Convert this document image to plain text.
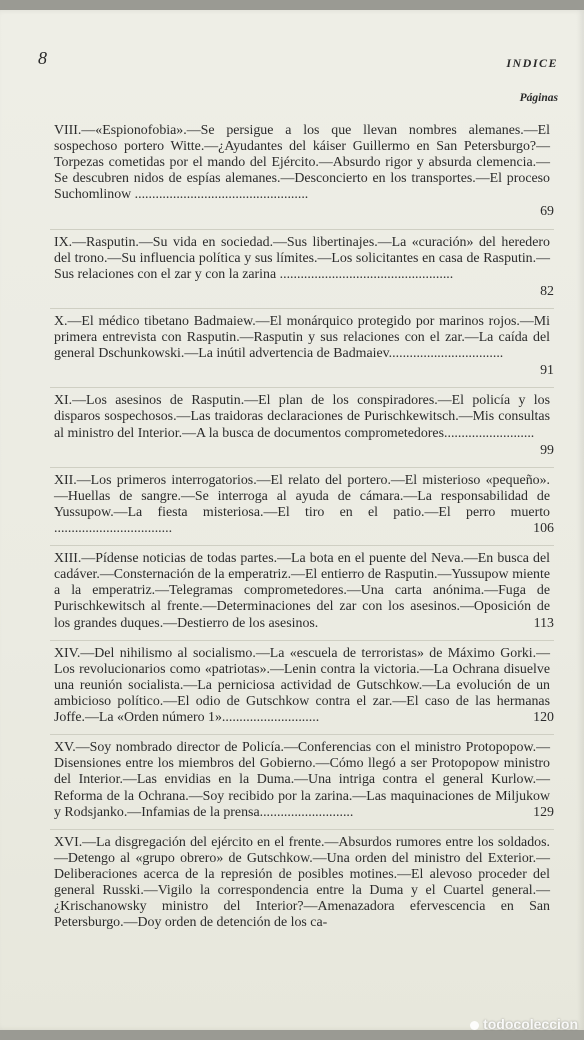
8	INDICE
Páginas

VIII.—«Espionofobia».—Se persigue a los que llevan nombres alemanes.—El sospechoso portero Witte.—¿Ayudantes del káiser Guillermo en San Petersburgo?—Torpezas cometidas por el mando del Ejército.—Absurdo rigor y absurda clemencia.—Se descubren nidos de espías alemanes.—Desconcierto en los transportes.—El proceso Suchomlinow ..................................................

69

IX.—Rasputin.—Su vida en sociedad.—Sus libertinajes.—La «curación» del heredero del trono.—Su influencia política y sus límites.—Los solicitantes en casa de Rasputin.—Sus relaciones con el zar y con la zarina ..................................................

82

X.—El médico tibetano Badmaiew.—El monárquico protegido por marinos rojos.—Mi primera entrevista con Rasputin.—Rasputin y sus relaciones con el zar.—La caída del general Dschunkowski.—La inútil advertencia de Badmaiev.................................

91

XI.—Los asesinos de Rasputin.—El plan de los conspiradores.—El policía y los disparos sospechosos.—Las traidoras declaraciones de Purischkewitsch.—Mis consultas al ministro del Interior.—A la busca de documentos comprometedores..........................

99

XII.—Los primeros interrogatorios.—El relato del portero.—El misterioso «pequeño».—Huellas de sangre.—Se interroga al ayuda de cámara.—La responsabilidad de Yussupow.—La fiesta misteriosa.—El tiro en el patio.—El perro muerto ..................................	106

XIII.—Pídense noticias de todas partes.—La bota en el puente del Neva.—En busca del cadáver.—Consternación de la emperatriz.—El entierro de Rasputin.—Yussupow miente a la emperatriz.—Telegramas comprometedores.—Una carta anónima.—Fuga de Purischkewitsch al frente.—Determinaciones del zar con los asesinos.—Oposición de los grandes duques.—Destierro de los asesinos.	113

XIV.—Del nihilismo al socialismo.—La «escuela de terroristas» de Máximo Gorki.—Los revolucionarios como «patriotas».—Lenin contra la victoria.—La Ochrana disuelve una reunión socialista.—La perniciosa actividad de Gutschkow.—La evolución de un ambicioso político.—El odio de Gutschkow contra el zar.—El caso de las hermanas Joffe.—La «Orden número 1»............................	120

XV.—Soy nombrado director de Policía.—Conferencias con el ministro Protopopow.—Disensiones entre los miembros del Gobierno.—Cómo llegó a ser Protopopow ministro del Interior.—Las envidias en la Duma.—Una intriga contra el general Kurlow.—Reforma de la Ochrana.—Soy recibido por la zarina.—Las maquinaciones de Miljukow y Rodsjanko.—Infamias de la prensa...........................	129

XVI.—La disgregación del ejército en el frente.—Absurdos rumores entre los soldados.—Detengo al «grupo obrero» de Gutschkow.—Una orden del ministro del Exterior.—Deliberaciones acerca de la represión de posibles motines.—El alevoso proceder del general Russki.—Vigilo la correspondencia entre la Duma y el Cuartel general.—¿Krischanowsky ministro del Interior?—Amenazadora efervescencia en San Petersburgo.—Doy orden de detención de los ca-

todocoleccion
